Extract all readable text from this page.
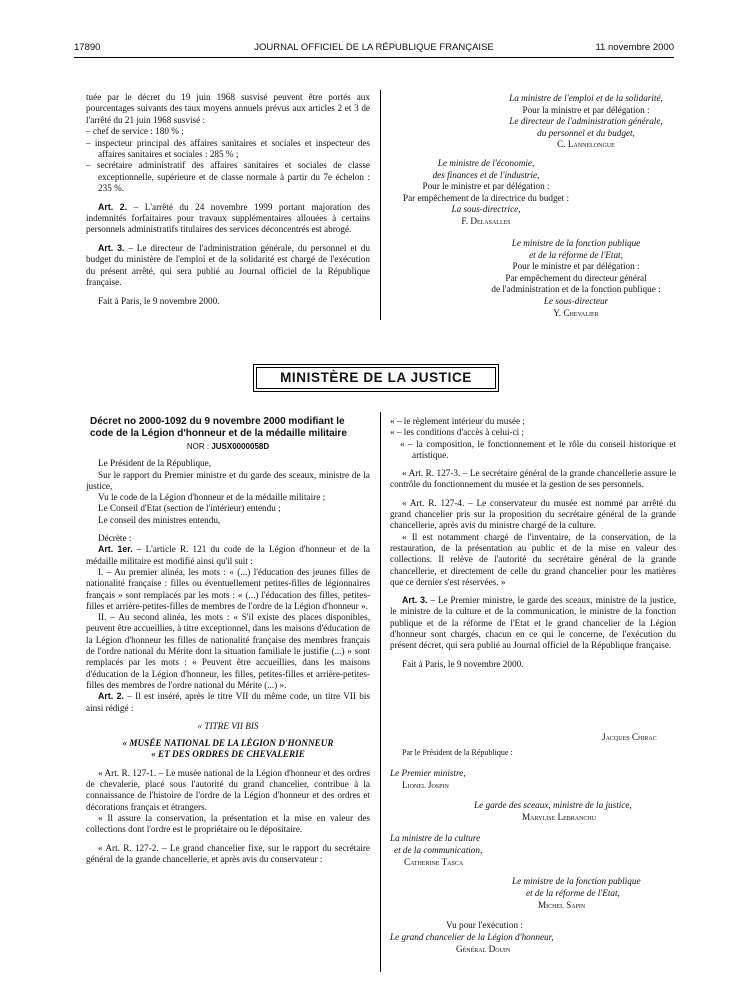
17890	JOURNAL OFFICIEL DE LA RÉPUBLIQUE FRANÇAISE	11 novembre 2000

tuée par le décret du 19 juin 1968 susvisé peuvent être portés aux pourcentages suivants des taux moyens annuels prévus aux articles 2 et 3 de l'arrêté du 21 juin 1968 susvisé :

– chef de service : 180 % ;

– inspecteur principal des affaires sanitaires et sociales et inspecteur des affaires sanitaires et sociales : 285 % ;

– secrétaire administratif des affaires sanitaires et sociales de classe exceptionnelle, supérieure et de classe normale à partir du 7e échelon : 235 %.

Art. 2. – L'arrêté du 24 novembre 1999 portant majoration des indemnités forfaitaires pour travaux supplémentaires allouées à certains personnels administratifs titulaires des services déconcentrés est abrogé.

Art. 3. – Le directeur de l'administration générale, du personnel et du budget du ministère de l'emploi et de la solidarité est chargé de l'exécution du présent arrêté, qui sera publié au Journal officiel de la République française.

Fait à Paris, le 9 novembre 2000.

La ministre de l'emploi et de la solidarité,
Pour la ministre et par délégation :
Le directeur de l'administration générale,
du personnel et du budget,
C. Lannelongue
Le ministre de l'économie,
des finances et de l'industrie,
Pour le ministre et par délégation :
Par empêchement de la directrice du budget :
La sous-directrice,
F. Delasalles
Le ministre de la fonction publique
et de la réforme de l'Etat,
Pour le ministre et par délégation :
Par empêchement du directeur général
de l'administration et de la fonction publique :
Le sous-directeur
Y. Chevalier
MINISTÈRE DE LA JUSTICE
Décret no 2000-1092 du 9 novembre 2000 modifiant le code de la Légion d'honneur et de la médaille militaire
NOR : JUSX0000058D

Le Président de la République,

Sur le rapport du Premier ministre et du garde des sceaux, ministre de la justice,

Vu le code de la Légion d'honneur et de la médaille militaire ;

Le Conseil d'Etat (section de l'intérieur) entendu ;

Le conseil des ministres entendu,

Décrète :

Art. 1er. – L'article R. 121 du code de la Légion d'honneur et de la médaille militaire est modifié ainsi qu'il suit :

I. – Au premier alinéa, les mots : « (...) l'éducation des jeunes filles de nationalité française : filles ou éventuellement petites-filles de légionnaires français » sont remplacés par les mots : « (...) l'éducation des filles, petites-filles et arrière-petites-filles de membres de l'ordre de la Légion d'honneur ».

II. – Au second alinéa, les mots : « S'il existe des places disponibles, peuvent être accueillies, à titre exceptionnel, dans les maisons d'éducation de la Légion d'honneur les filles de nationalité française des membres français de l'ordre national du Mérite dont la situation familiale le justifie (...) » sont remplacés par les mots : « Peuvent être accueillies, dans les maisons d'éducation de la Légion d'honneur, les filles, petites-filles et arrière-petites-filles des membres de l'ordre national du Mérite (...) ».

Art. 2. – Il est inséré, après le titre VII du même code, un titre VII bis ainsi rédigé :

« TITRE VII BIS

« MUSÉE NATIONAL DE LA LÉGION D'HONNEUR

« ET DES ORDRES DE CHEVALERIE

« Art. R. 127-1. – Le musée national de la Légion d'honneur et des ordres de chevalerie, placé sous l'autorité du grand chancelier, contribue à la connaissance de l'histoire de l'ordre de la Légion d'honneur et des ordres et décorations français et étrangers.

« Il assure la conservation, la présentation et la mise en valeur des collections dont l'ordre est le propriétaire ou le dépositaire.

« Art. R. 127-2. – Le grand chancelier fixe, sur le rapport du secrétaire général de la grande chancellerie, et après avis du conservateur :

« – le règlement intérieur du musée ;

« – les conditions d'accès à celui-ci ;

« – la composition, le fonctionnement et le rôle du conseil historique et artistique.

« Art. R. 127-3. – Le secrétaire général de la grande chancellerie assure le contrôle du fonctionnement du musée et la gestion de ses personnels.

« Art. R. 127-4. – Le conservateur du musée est nommé par arrêté du grand chancelier pris sur la proposition du secrétaire général de la grande chancellerie, après avis du ministre chargé de la culture.

« Il est notamment chargé de l'inventaire, de la conservation, de la restauration, de la présentation au public et de la mise en valeur des collections. Il relève de l'autorité du secrétaire général de la grande chancellerie, et directement de celle du grand chancelier pour les matières que ce dernier s'est réservées. »

Art. 3. – Le Premier ministre, le garde des sceaux, ministre de la justice, le ministre de la culture et de la communication, le ministre de la fonction publique et de la réforme de l'Etat et le grand chancelier de la Légion d'honneur sont chargés, chacun en ce qui le concerne, de l'exécution du présent décret, qui sera publié au Journal officiel de la République française.

Fait à Paris, le 9 novembre 2000.

Jacques Chirac
Par le Président de la République :
Le Premier ministre,
Lionel Jospin
Le garde des sceaux, ministre de la justice,
Marylise Lebranchu
La ministre de la culture
et de la communication,
Catherine Tasca
Le ministre de la fonction publique
et de la réforme de l'Etat,
Michel Sapin
Vu pour l'exécution :
Le grand chancelier de la Légion d'honneur,
Général Douin
